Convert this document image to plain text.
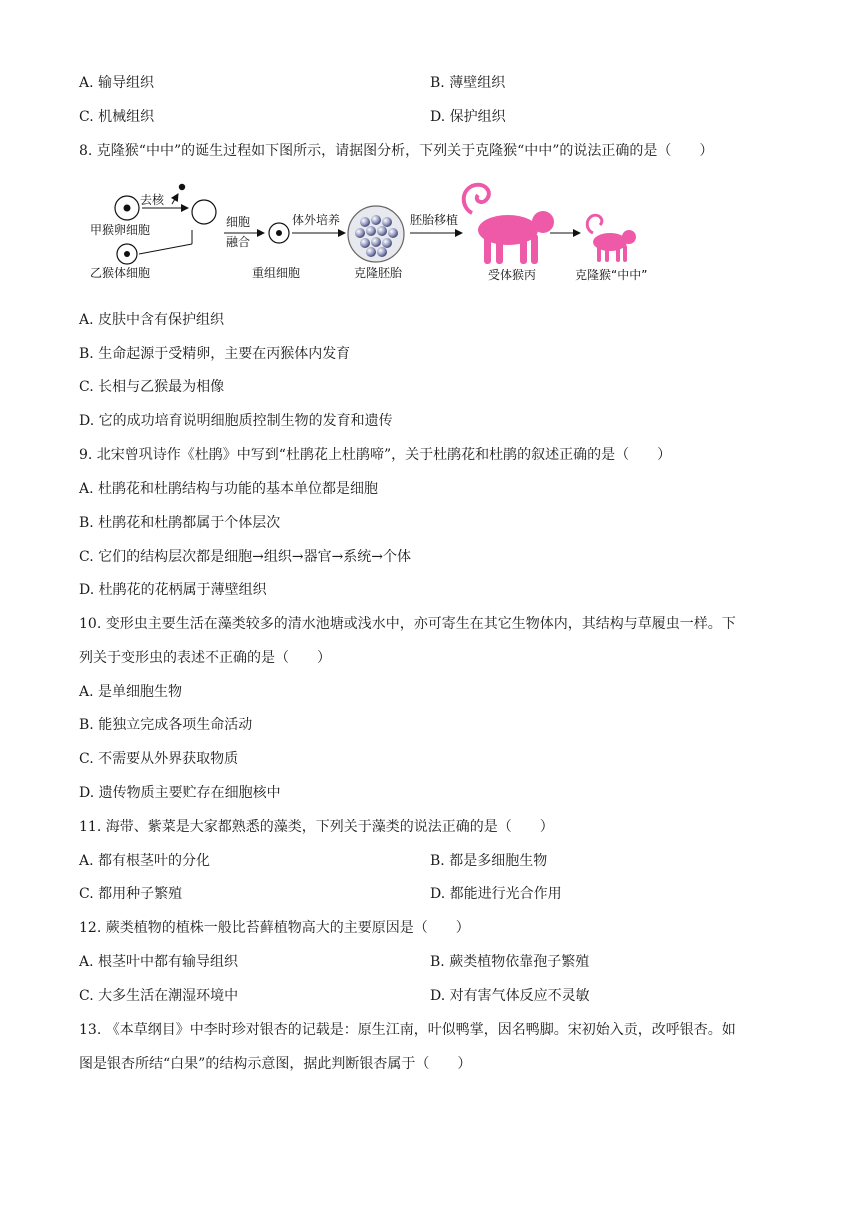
A. 输导组织	B. 薄壁组织
C. 机械组织	D. 保护组织
8. 克隆猴“中中”的诞生过程如下图所示，请据图分析，下列关于克隆猴“中中”的说法正确的是（　　）
甲猴卵细胞
乙猴体细胞
去核
细胞
融合
重组细胞
体外培养
克隆胚胎
胚胎移植
受体猴丙	克隆猴“中中”
A. 皮肤中含有保护组织
B. 生命起源于受精卵，主要在丙猴体内发育
C. 长相与乙猴最为相像
D. 它的成功培育说明细胞质控制生物的发育和遗传
9. 北宋曾巩诗作《杜鹃》中写到“杜鹃花上杜鹃啼”，关于杜鹃花和杜鹃的叙述正确的是（　　）
A. 杜鹃花和杜鹃结构与功能的基本单位都是细胞
B. 杜鹃花和杜鹃都属于个体层次
C. 它们的结构层次都是细胞→组织→器官→系统→个体
D. 杜鹃花的花柄属于薄壁组织
10. 变形虫主要生活在藻类较多的清水池塘或浅水中，亦可寄生在其它生物体内，其结构与草履虫一样。下
列关于变形虫的表述不正确的是（　　）
A. 是单细胞生物
B. 能独立完成各项生命活动
C. 不需要从外界获取物质
D. 遗传物质主要贮存在细胞核中
11. 海带、紫菜是大家都熟悉的藻类，下列关于藻类的说法正确的是（　　）
A. 都有根茎叶的分化	B. 都是多细胞生物
C. 都用种子繁殖	D. 都能进行光合作用
12. 蕨类植物的植株一般比苔藓植物高大的主要原因是（　　）
A. 根茎叶中都有输导组织	B. 蕨类植物依靠孢子繁殖
C. 大多生活在潮湿环境中	D. 对有害气体反应不灵敏
13. 《本草纲目》中李时珍对银杏的记载是：原生江南，叶似鸭掌，因名鸭脚。宋初始入贡，改呼银杏。如
图是银杏所结“白果”的结构示意图，据此判断银杏属于（　　）
